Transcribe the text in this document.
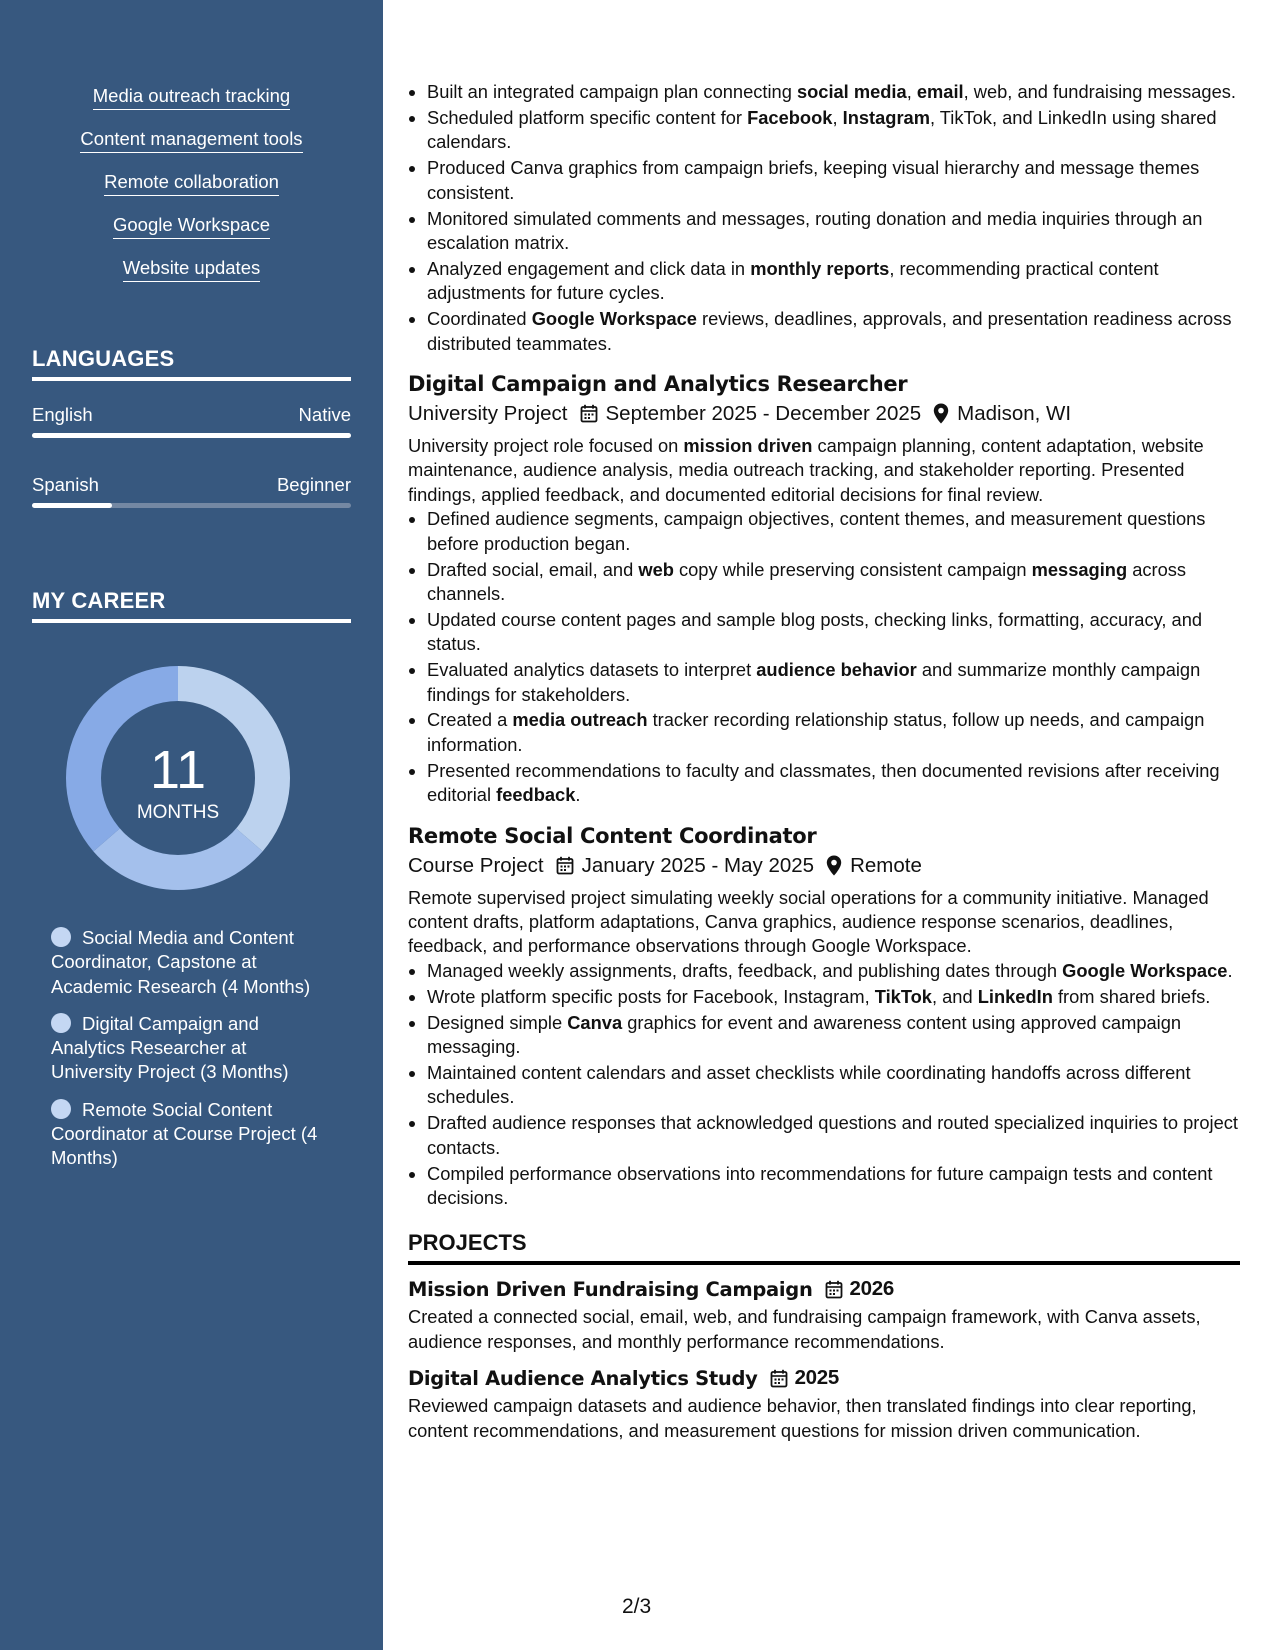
Media outreach tracking
Content management tools
Remote collaboration
Google Workspace
Website updates
LANGUAGES
English	Native
Spanish	Beginner
MY CAREER
11
MONTHS
Social Media and Content Coordinator, Capstone at Academic Research (4 Months)
Digital Campaign and Analytics Researcher at University Project (3 Months)
Remote Social Content Coordinator at Course Project (4 Months)
• Built an integrated campaign plan connecting social media, email, web, and fundraising messages.
• Scheduled platform specific content for Facebook, Instagram, TikTok, and LinkedIn using shared calendars.
• Produced Canva graphics from campaign briefs, keeping visual hierarchy and message themes consistent.
• Monitored simulated comments and messages, routing donation and media inquiries through an escalation matrix.
• Analyzed engagement and click data in monthly reports, recommending practical content adjustments for future cycles.
• Coordinated Google Workspace reviews, deadlines, approvals, and presentation readiness across distributed teammates.
Digital Campaign and Analytics Researcher
University Project September 2025 - December 2025 Madison, WI

University project role focused on mission driven campaign planning, content adaptation, website maintenance, audience analysis, media outreach tracking, and stakeholder reporting. Presented findings, applied feedback, and documented editorial decisions for final review.

• Defined audience segments, campaign objectives, content themes, and measurement questions before production began.
• Drafted social, email, and web copy while preserving consistent campaign messaging across channels.
• Updated course content pages and sample blog posts, checking links, formatting, accuracy, and status.
• Evaluated analytics datasets to interpret audience behavior and summarize monthly campaign findings for stakeholders.
• Created a media outreach tracker recording relationship status, follow up needs, and campaign information.
• Presented recommendations to faculty and classmates, then documented revisions after receiving editorial feedback.
Remote Social Content Coordinator
Course Project January 2025 - May 2025 Remote

Remote supervised project simulating weekly social operations for a community initiative. Managed content drafts, platform adaptations, Canva graphics, audience response scenarios, deadlines, feedback, and performance observations through Google Workspace.

• Managed weekly assignments, drafts, feedback, and publishing dates through Google Workspace.
• Wrote platform specific posts for Facebook, Instagram, TikTok, and LinkedIn from shared briefs.
• Designed simple Canva graphics for event and awareness content using approved campaign messaging.
• Maintained content calendars and asset checklists while coordinating handoffs across different schedules.
• Drafted audience responses that acknowledged questions and routed specialized inquiries to project contacts.
• Compiled performance observations into recommendations for future campaign tests and content decisions.
PROJECTS
Mission Driven Fundraising Campaign 2026

Created a connected social, email, web, and fundraising campaign framework, with Canva assets, audience responses, and monthly performance recommendations.

Digital Audience Analytics Study 2025

Reviewed campaign datasets and audience behavior, then translated findings into clear reporting, content recommendations, and measurement questions for mission driven communication.

2/3
